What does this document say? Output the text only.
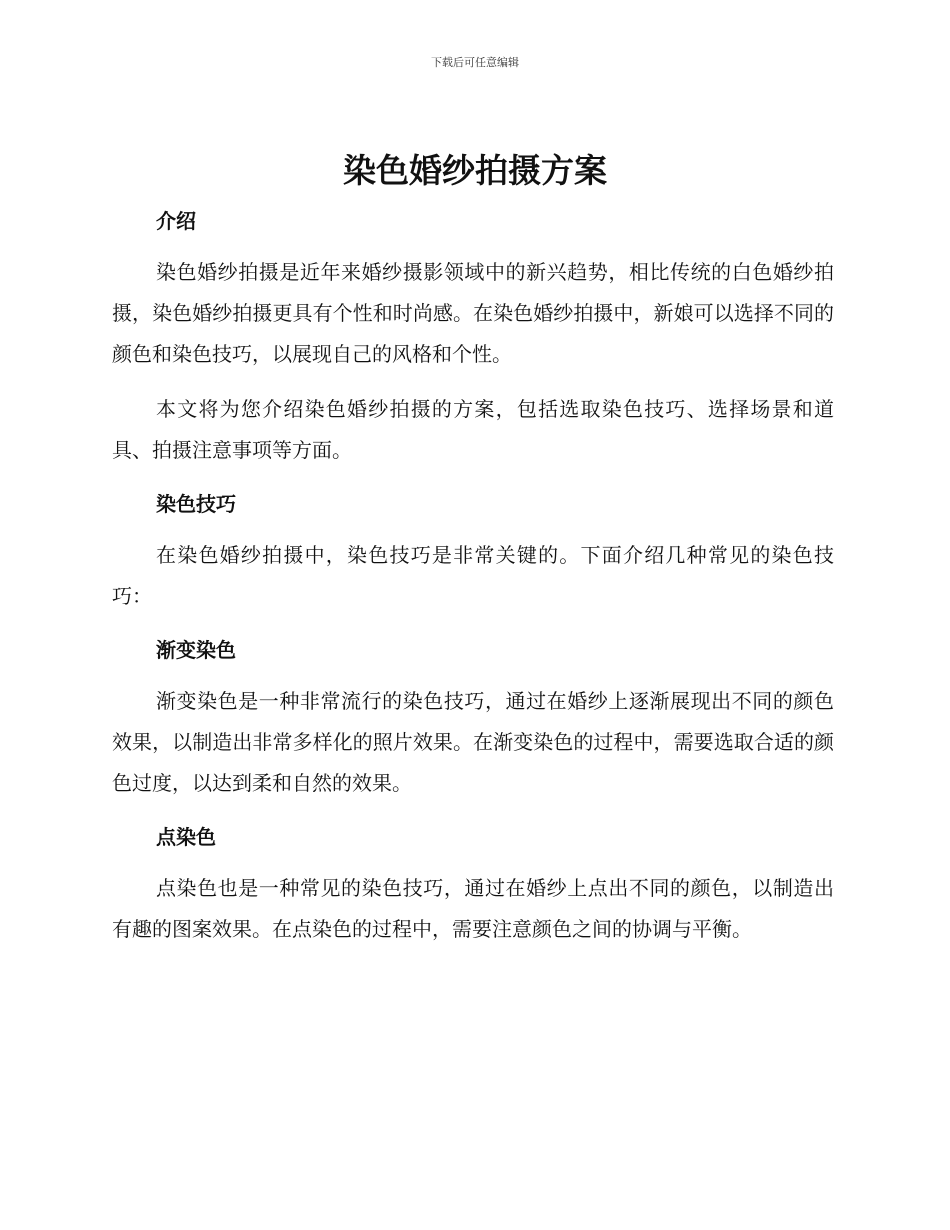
下载后可任意编辑
染色婚纱拍摄方案
介绍

染色婚纱拍摄是近年来婚纱摄影领域中的新兴趋势，相比传统的白色婚纱拍摄，染色婚纱拍摄更具有个性和时尚感。在染色婚纱拍摄中，新娘可以选择不同的颜色和染色技巧，以展现自己的风格和个性。

本文将为您介绍染色婚纱拍摄的方案，包括选取染色技巧、选择场景和道具、拍摄注意事项等方面。

染色技巧

在染色婚纱拍摄中，染色技巧是非常关键的。下面介绍几种常见的染色技巧：

渐变染色

渐变染色是一种非常流行的染色技巧，通过在婚纱上逐渐展现出不同的颜色效果，以制造出非常多样化的照片效果。在渐变染色的过程中，需要选取合适的颜色过度，以达到柔和自然的效果。

点染色

点染色也是一种常见的染色技巧，通过在婚纱上点出不同的颜色，以制造出有趣的图案效果。在点染色的过程中，需要注意颜色之间的协调与平衡。
